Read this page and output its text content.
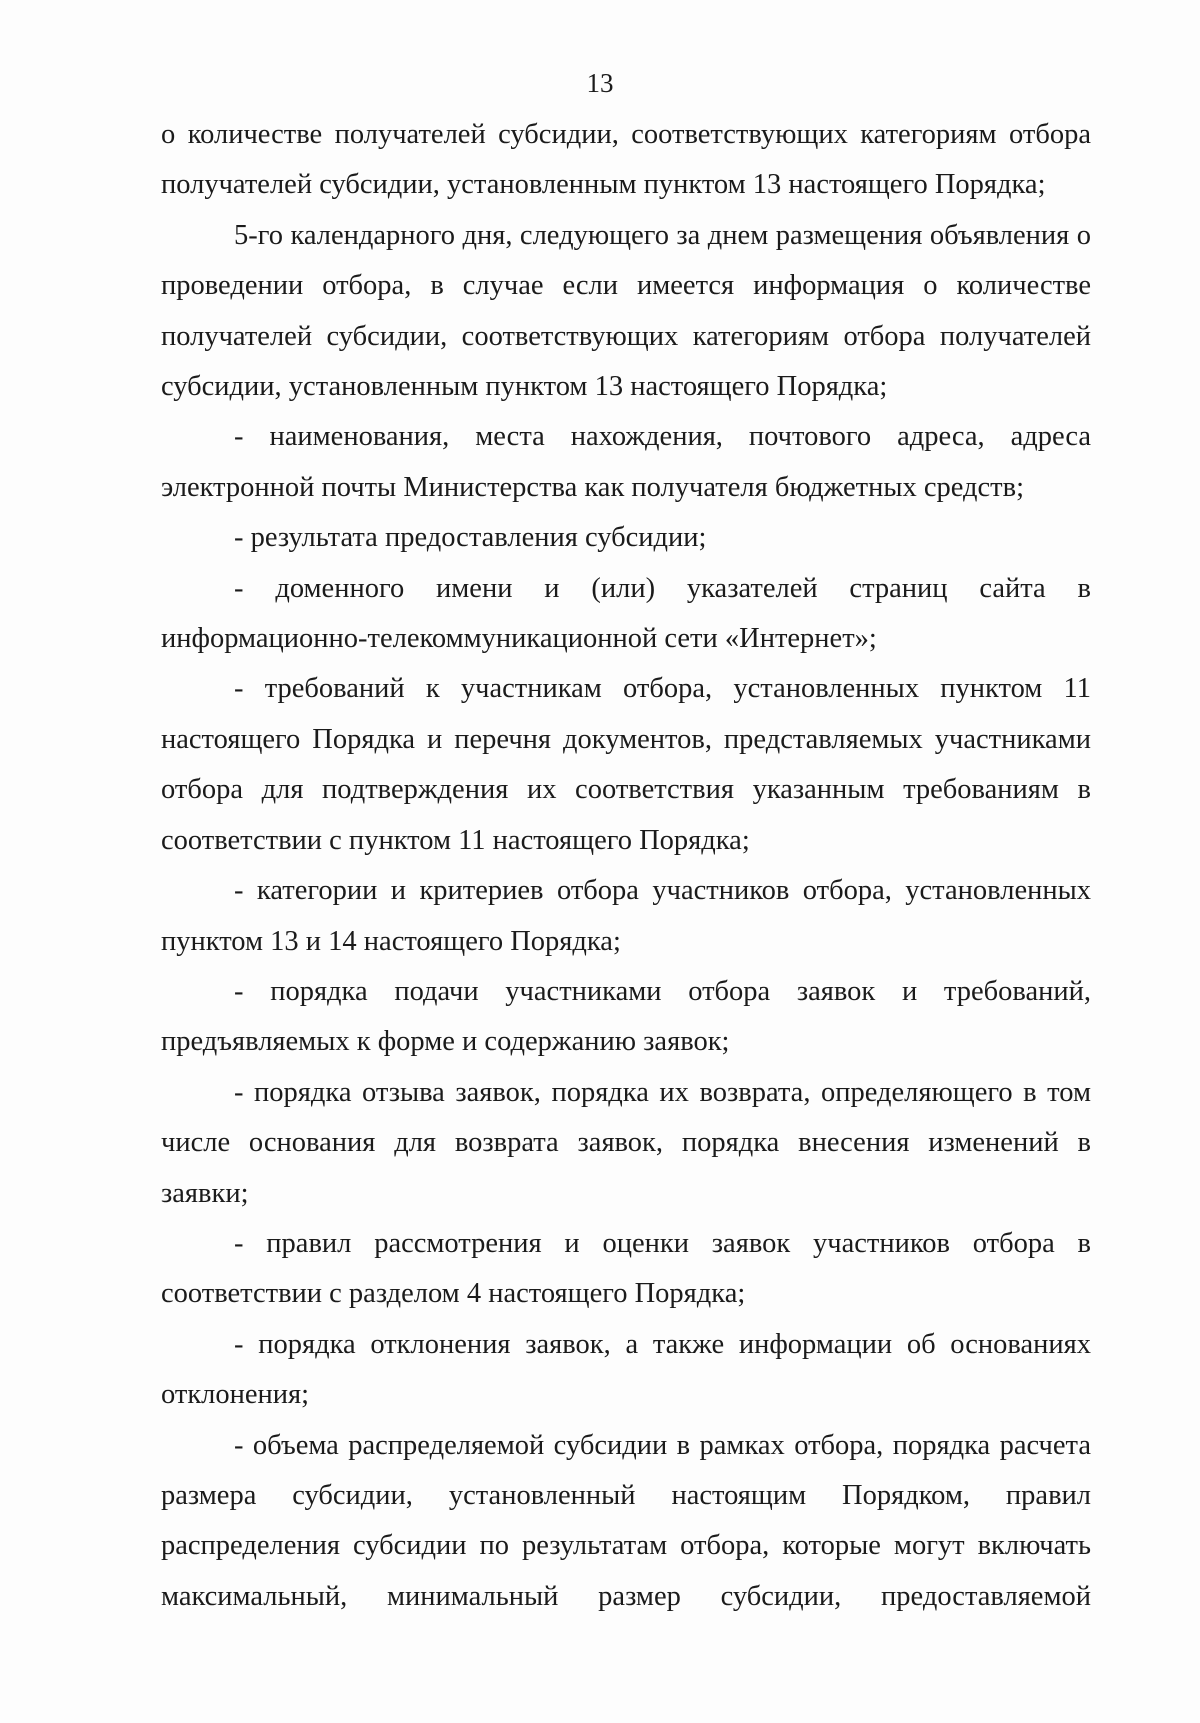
13

о количестве получателей субсидии, соответствующих категориям отбора получателей субсидии, установленным пунктом 13 настоящего Порядка;

5-го календарного дня, следующего за днем размещения объявления о проведении отбора, в случае если имеется информация о количестве получателей субсидии, соответствующих категориям отбора получателей субсидии, установленным пунктом 13 настоящего Порядка;

- наименования, места нахождения, почтового адреса, адреса электронной почты Министерства как получателя бюджетных средств;

- результата предоставления субсидии;

- доменного имени и (или) указателей страниц сайта в информационно-телекоммуникационной сети «Интернет»;

- требований к участникам отбора, установленных пунктом 11 настоящего Порядка и перечня документов, представляемых участниками отбора для подтверждения их соответствия указанным требованиям в соответствии с пунктом 11 настоящего Порядка;

- категории и критериев отбора участников отбора, установленных пунктом 13 и 14 настоящего Порядка;

- порядка подачи участниками отбора заявок и требований, предъявляемых к форме и содержанию заявок;

- порядка отзыва заявок, порядка их возврата, определяющего в том числе основания для возврата заявок, порядка внесения изменений в заявки;

- правил рассмотрения и оценки заявок участников отбора в соответствии с разделом 4 настоящего Порядка;

- порядка отклонения заявок, а также информации об основаниях отклонения;

- объема распределяемой субсидии в рамках отбора, порядка расчета размера субсидии, установленный настоящим Порядком, правил распределения субсидии по результатам отбора, которые могут включать максимальный, минимальный размер субсидии, предоставляемой
